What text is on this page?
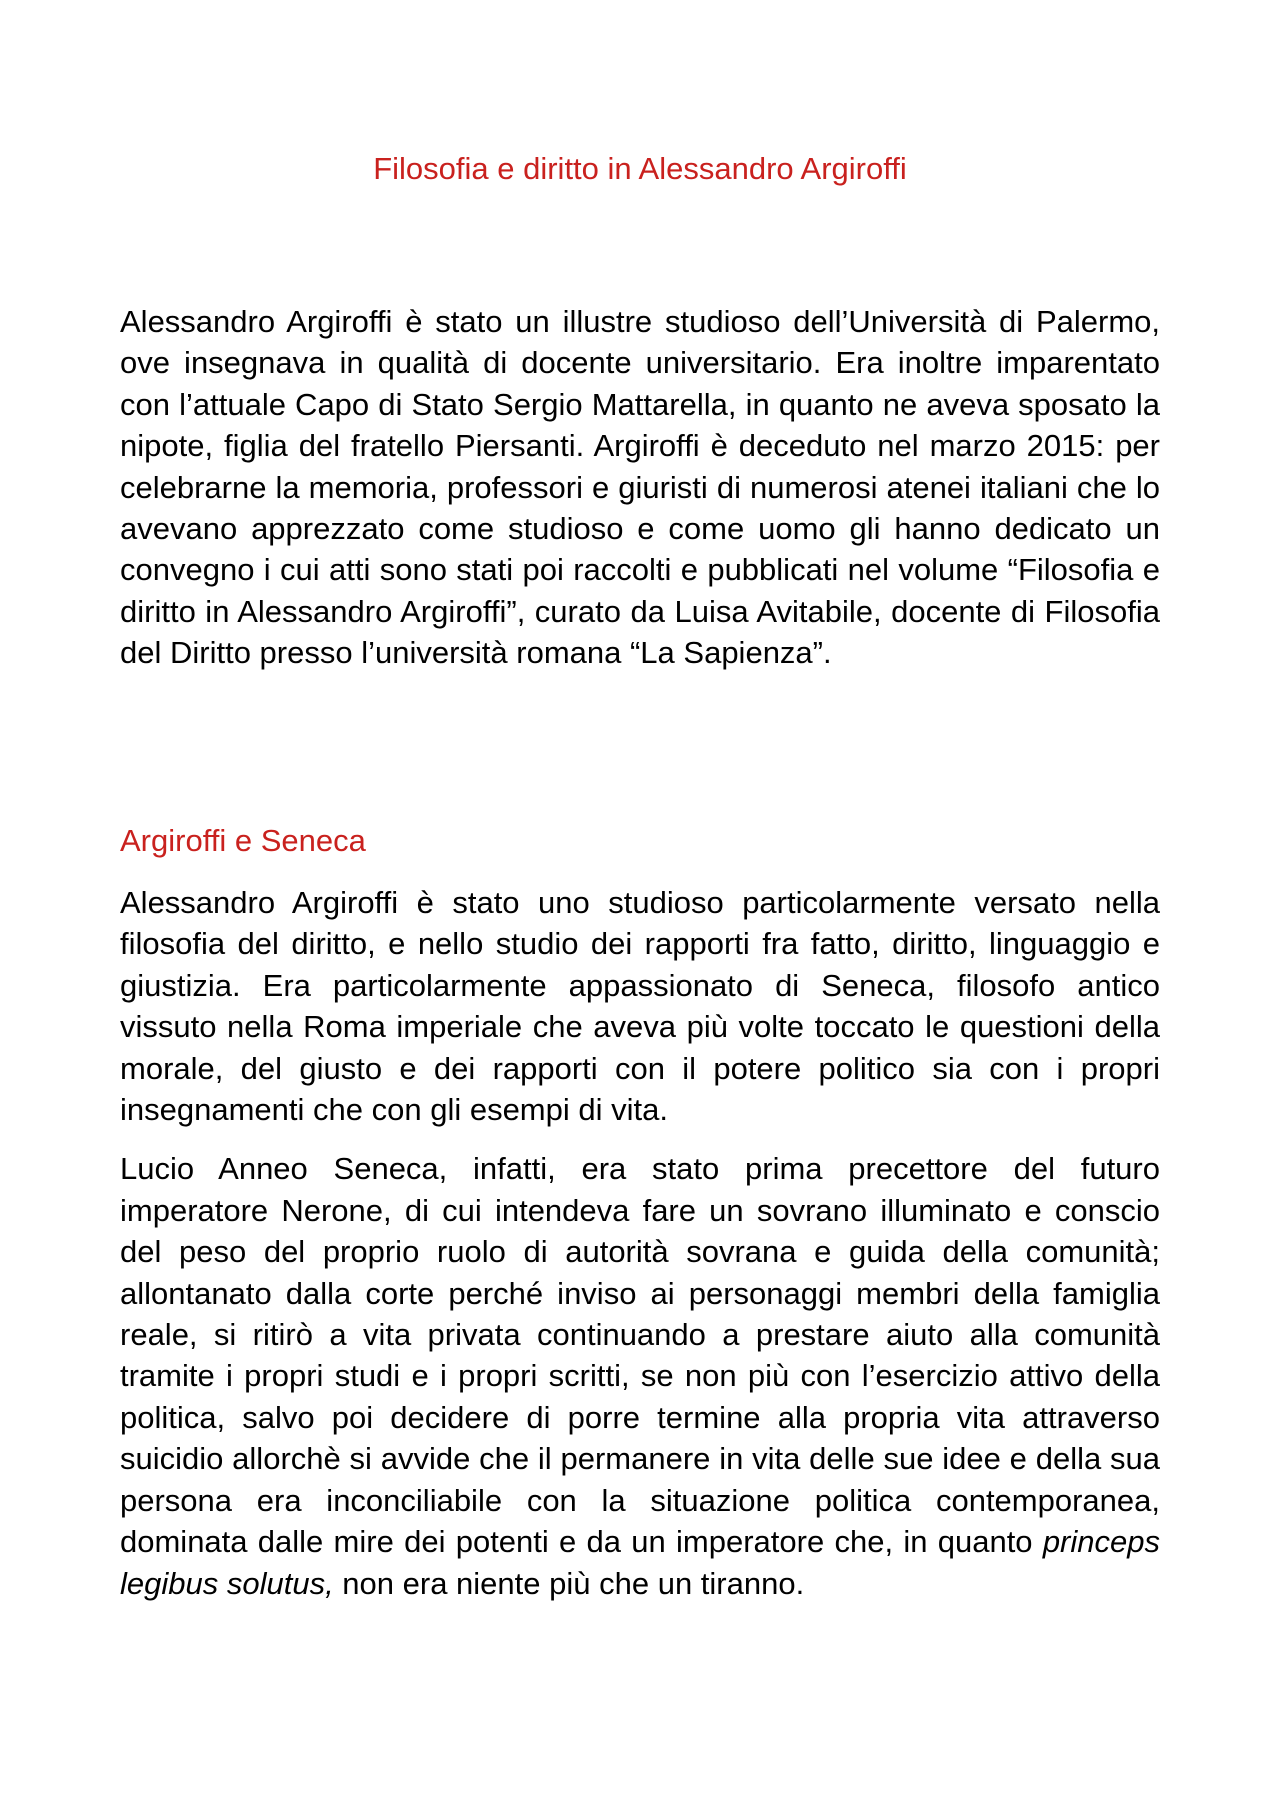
Filosofia e diritto in Alessandro Argiroffi

Alessandro Argiroffi è stato un illustre studioso dell’Università di Palermo, ove insegnava in qualità di docente universitario. Era inoltre imparentato con l’attuale Capo di Stato Sergio Mattarella, in quanto ne aveva sposato la nipote, figlia del fratello Piersanti. Argiroffi è deceduto nel marzo 2015: per celebrarne la memoria, professori e giuristi di numerosi atenei italiani che lo avevano apprezzato come studioso e come uomo gli hanno dedicato un convegno i cui atti sono stati poi raccolti e pubblicati nel volume “Filosofia e diritto in Alessandro Argiroffi”, curato da Luisa Avitabile, docente di Filosofia del Diritto presso l’università romana “La Sapienza”.

Argiroffi e Seneca

Alessandro Argiroffi è stato uno studioso particolarmente versato nella filosofia del diritto, e nello studio dei rapporti fra fatto, diritto, linguaggio e giustizia. Era particolarmente appassionato di Seneca, filosofo antico vissuto nella Roma imperiale che aveva più volte toccato le questioni della morale, del giusto e dei rapporti con il potere politico sia con i propri insegnamenti che con gli esempi di vita.

Lucio Anneo Seneca, infatti, era stato prima precettore del futuro imperatore Nerone, di cui intendeva fare un sovrano illuminato e conscio del peso del proprio ruolo di autorità sovrana e guida della comunità; allontanato dalla corte perché inviso ai personaggi membri della famiglia reale, si ritirò a vita privata continuando a prestare aiuto alla comunità tramite i propri studi e i propri scritti, se non più con l’esercizio attivo della politica, salvo poi decidere di porre termine alla propria vita attraverso suicidio allorchè si avvide che il permanere in vita delle sue idee e della sua persona era inconciliabile con la situazione politica contemporanea, dominata dalle mire dei potenti e da un imperatore che, in quanto princeps legibus solutus, non era niente più che un tiranno.
